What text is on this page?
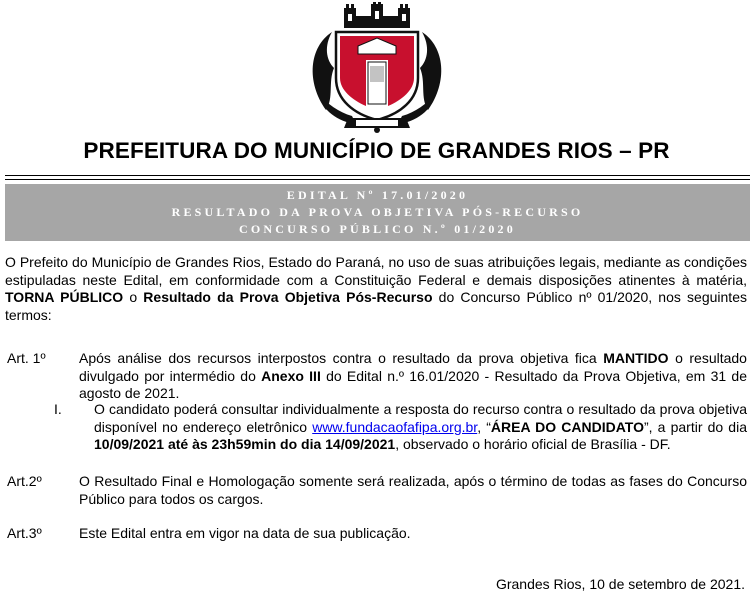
PREFEITURA DO MUNICÍPIO DE GRANDES RIOS – PR
EDITAL Nº 17.01/2020
RESULTADO DA PROVA OBJETIVA PÓS-RECURSO
CONCURSO PÚBLICO N.º 01/2020
O Prefeito do Município de Grandes Rios, Estado do Paraná, no uso de suas atribuições legais, mediante as condições estipuladas neste Edital, em conformidade com a Constituição Federal e demais disposições atinentes à matéria, TORNA PÚBLICO o Resultado da Prova Objetiva Pós-Recurso do Concurso Público nº 01/2020, nos seguintes termos:
Art. 1º Após análise dos recursos interpostos contra o resultado da prova objetiva fica MANTIDO o resultado divulgado por intermédio do Anexo III do Edital n.º 16.01/2020 - Resultado da Prova Objetiva, em 31 de agosto de 2021.
I. O candidato poderá consultar individualmente a resposta do recurso contra o resultado da prova objetiva disponível no endereço eletrônico www.fundacaofafipa.org.br, “ÁREA DO CANDIDATO”, a partir do dia 10/09/2021 até às 23h59min do dia 14/09/2021, observado o horário oficial de Brasília - DF.
Art.2º	O Resultado Final e Homologação somente será realizada, após o término de todas as fases do Concurso Público para todos os cargos.
Art.3º	Este Edital entra em vigor na data de sua publicação.
Grandes Rios, 10 de setembro de 2021.
